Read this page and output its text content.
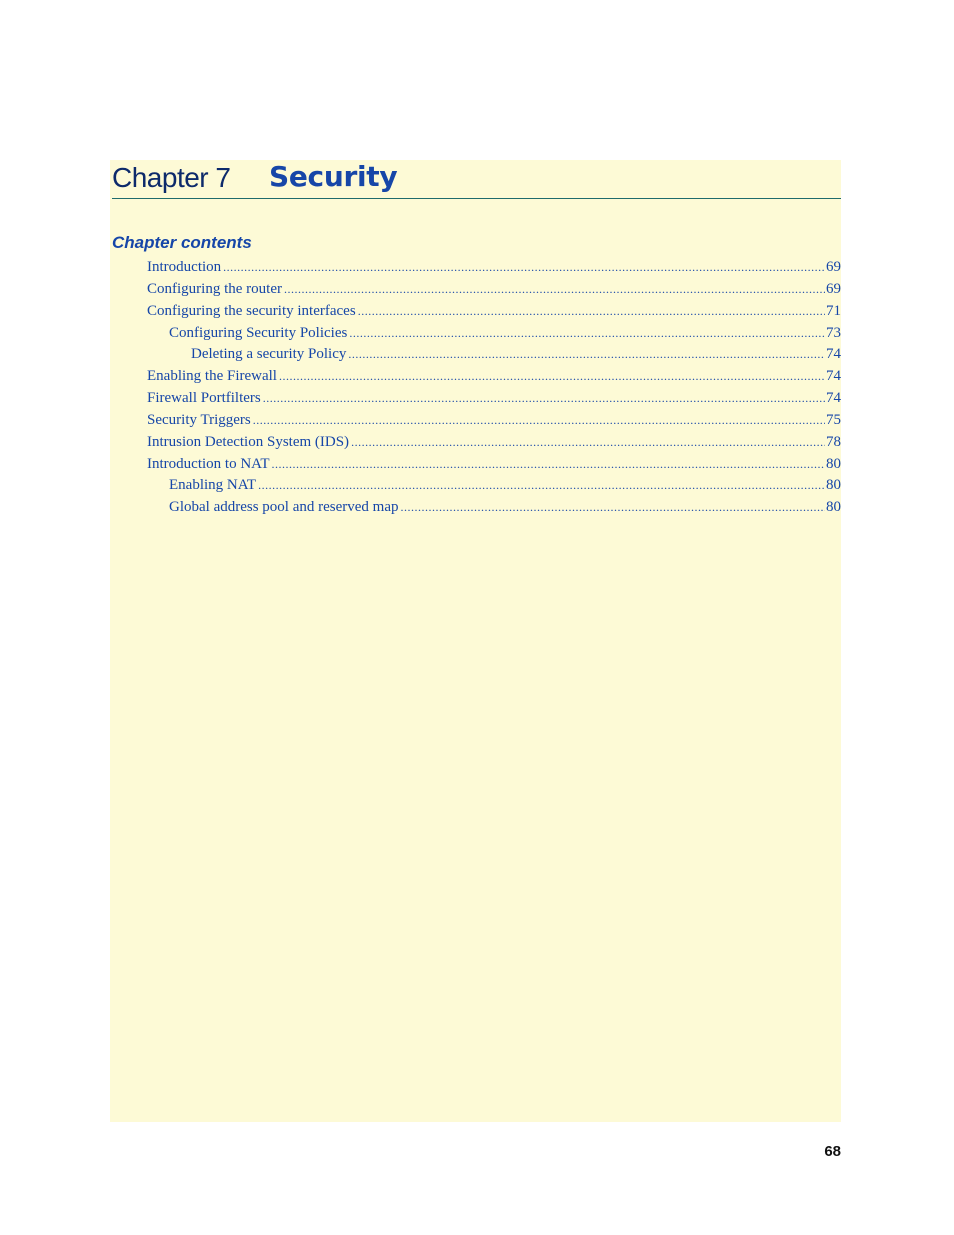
Chapter 7 Security
Chapter contents
Introduction .....	69
Configuring the router .....	69
Configuring the security interfaces .....	71
Configuring Security Policies .....	73
Deleting a security Policy .....	74
Enabling the Firewall .....	74
Firewall Portfilters .....	74
Security Triggers .....	75
Intrusion Detection System (IDS) .....	78
Introduction to NAT .....	80
Enabling NAT .....	80
Global address pool and reserved map .....	80
68
